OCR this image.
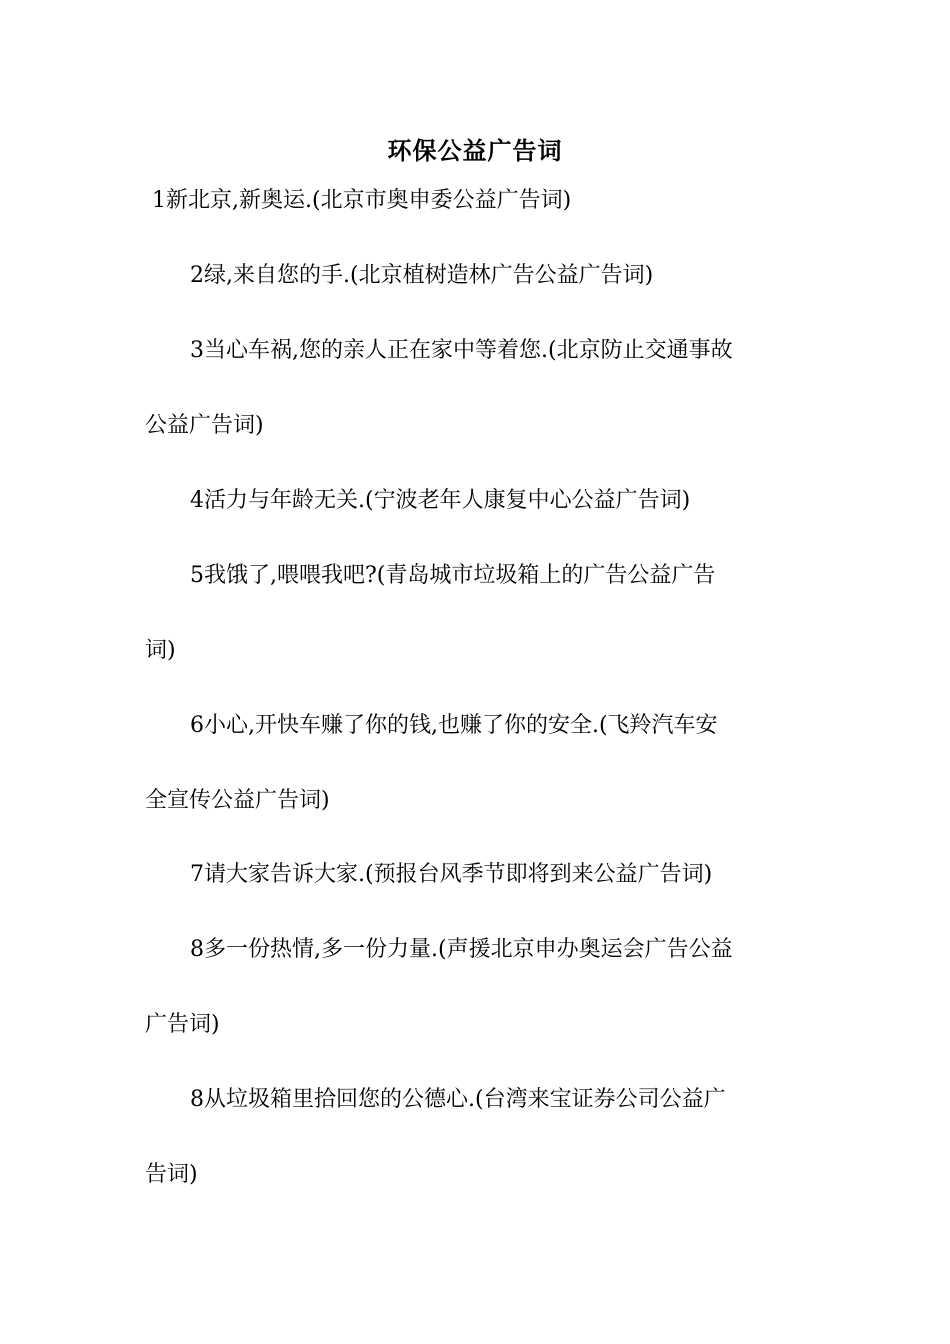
环保公益广告词
1新北京,新奥运.(北京市奥申委公益广告词)
2绿,来自您的手.(北京植树造林广告公益广告词)
3当心车祸,您的亲人正在家中等着您.(北京防止交通事故
公益广告词)
4活力与年龄无关.(宁波老年人康复中心公益广告词)
5我饿了,喂喂我吧?(青岛城市垃圾箱上的广告公益广告
词)
6小心,开快车赚了你的钱,也赚了你的安全.(飞羚汽车安
全宣传公益广告词)
7请大家告诉大家.(预报台风季节即将到来公益广告词)
8多一份热情,多一份力量.(声援北京申办奥运会广告公益
广告词)
8从垃圾箱里拾回您的公德心.(台湾来宝证券公司公益广
告词)
